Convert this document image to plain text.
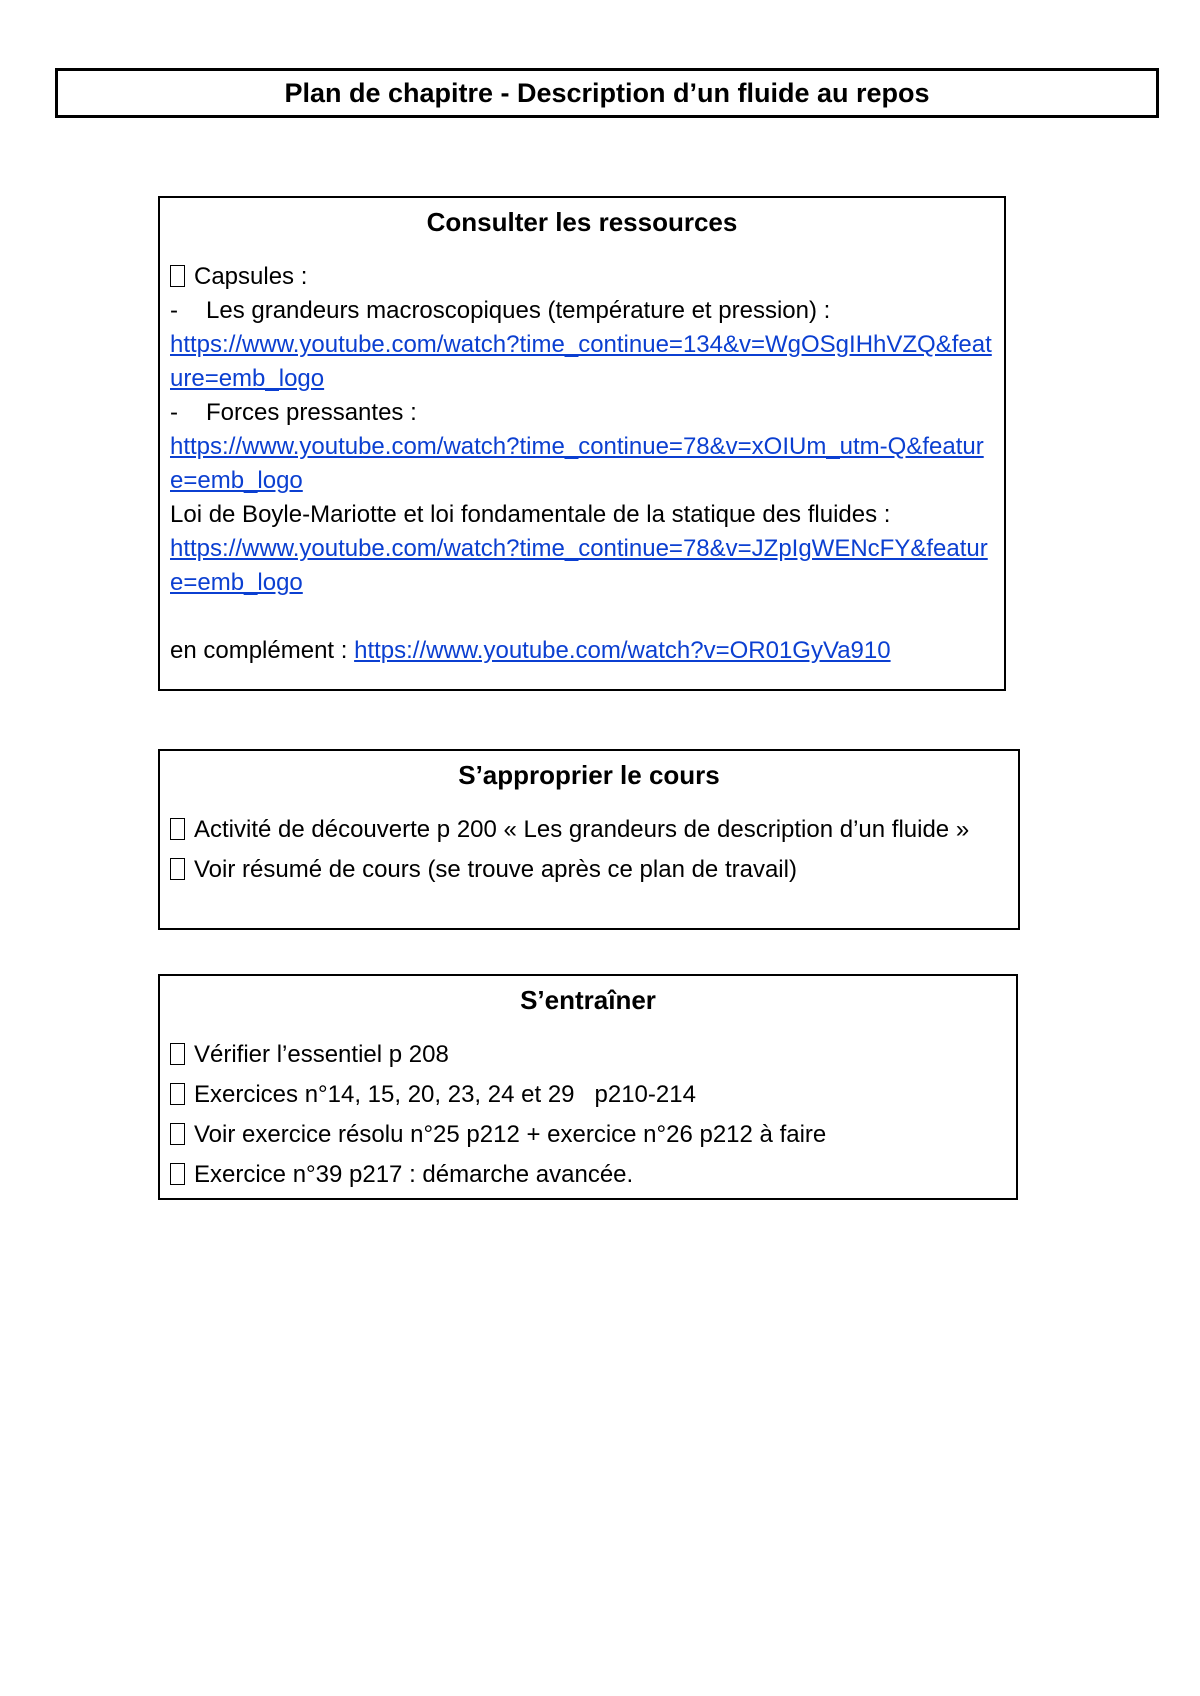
Plan de chapitre - Description d’un fluide au repos
Consulter les ressources
Capsules :
- Les grandeurs macroscopiques (température et pression) :
https://www.youtube.com/watch?time_continue=134&v=WgOSgIHhVZQ&feature=emb_logo
- Forces pressantes :
https://www.youtube.com/watch?time_continue=78&v=xOIUm_utm-Q&feature=emb_logo
Loi de Boyle-Mariotte et loi fondamentale de la statique des fluides :
https://www.youtube.com/watch?time_continue=78&v=JZpIgWENcFY&feature=emb_logo
en complément : https://www.youtube.com/watch?v=OR01GyVa910
S’approprier le cours
Activité de découverte p 200 « Les grandeurs de description d’un fluide »
Voir résumé de cours (se trouve après ce plan de travail)
S’entraîner
Vérifier l’essentiel p 208
Exercices n°14, 15, 20, 23, 24 et 29   p210-214
Voir exercice résolu n°25 p212 + exercice n°26 p212 à faire
Exercice n°39 p217 : démarche avancée.
